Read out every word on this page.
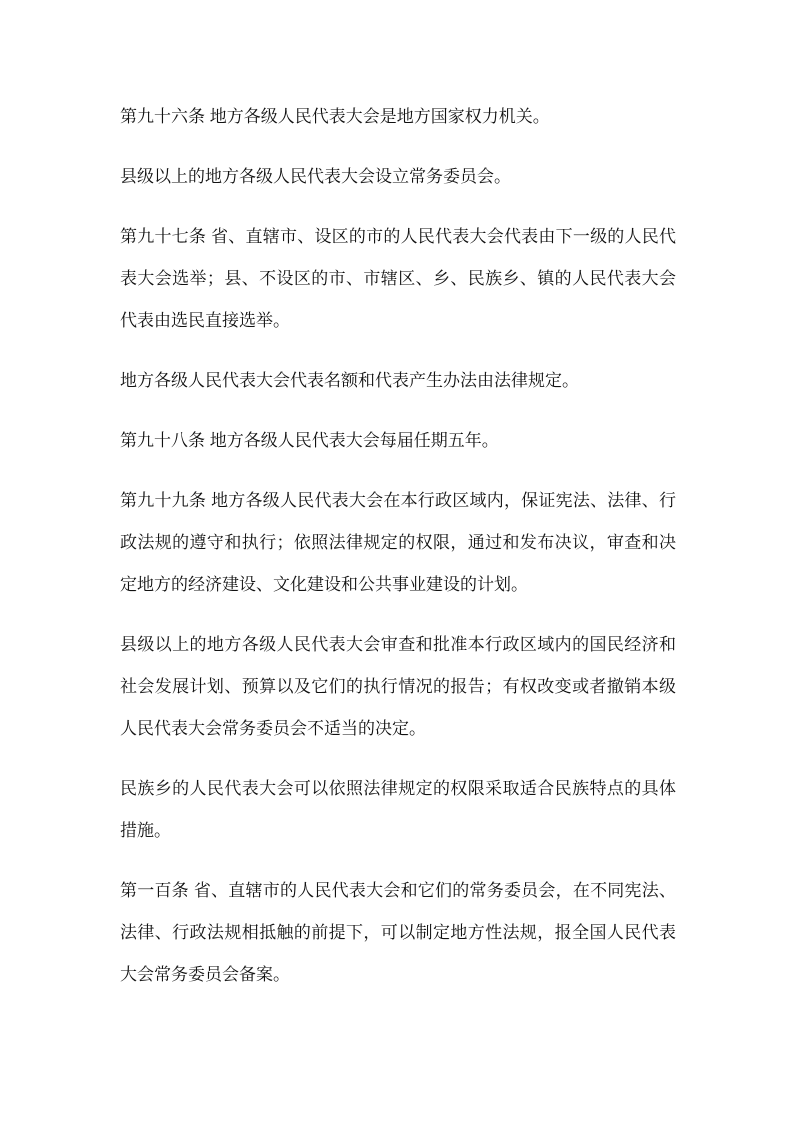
第九十六条 地方各级人民代表大会是地方国家权力机关。

县级以上的地方各级人民代表大会设立常务委员会。

第九十七条 省、直辖市、设区的市的人民代表大会代表由下一级的人民代表大会选举；县、不设区的市、市辖区、乡、民族乡、镇的人民代表大会代表由选民直接选举。

地方各级人民代表大会代表名额和代表产生办法由法律规定。

第九十八条 地方各级人民代表大会每届任期五年。

第九十九条 地方各级人民代表大会在本行政区域内，保证宪法、法律、行政法规的遵守和执行；依照法律规定的权限，通过和发布决议，审查和决定地方的经济建设、文化建设和公共事业建设的计划。

县级以上的地方各级人民代表大会审查和批准本行政区域内的国民经济和社会发展计划、预算以及它们的执行情况的报告；有权改变或者撤销本级人民代表大会常务委员会不适当的决定。

民族乡的人民代表大会可以依照法律规定的权限采取适合民族特点的具体措施。

第一百条 省、直辖市的人民代表大会和它们的常务委员会，在不同宪法、法律、行政法规相抵触的前提下，可以制定地方性法规，报全国人民代表大会常务委员会备案。
